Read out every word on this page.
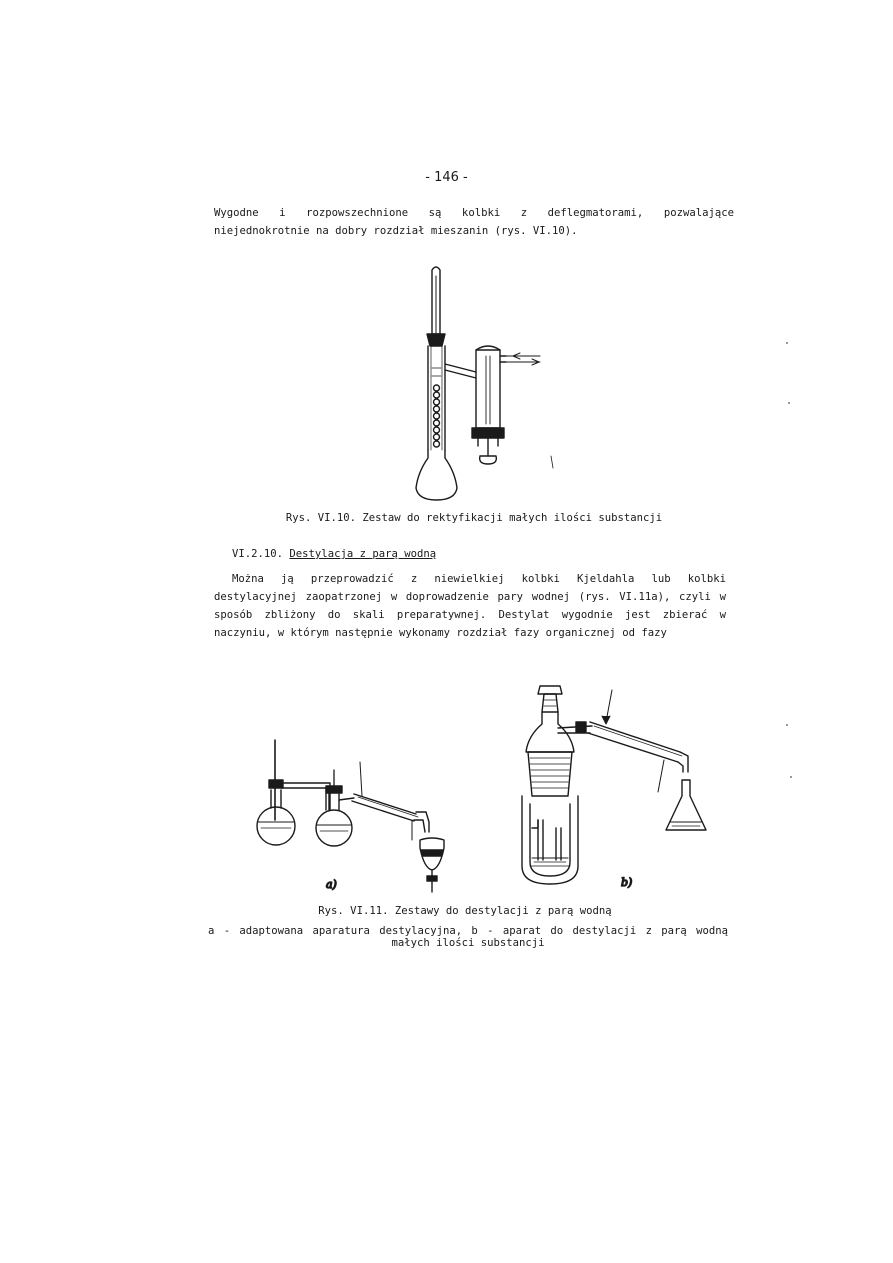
- 146 -

Wygodne i rozpowszechnione są kolbki z deflegmatorami, pozwalające niejednokrotnie na dobry rozdział mieszanin (rys. VI.10).

a)	b)
Rys. VI.10. Zestaw do rektyfikacji małych ilości substancji
VI.2.10. Destylacja z parą wodną

Można ją przeprowadzić z niewielkiej kolbki Kjeldahla lub kolbki destylacyjnej zaopatrzonej w doprowadzenie pary wodnej (rys. VI.11a), czyli w sposób zbliżony do skali preparatywnej. Destylat wygodnie jest zbierać w naczyniu, w którym następnie wykonamy rozdział fazy organicznej od fazy

Rys. VI.11. Zestawy do destylacji z parą wodną
a - adaptowana aparatura destylacyjna, b - aparat do destylacji z parą wodną małych ilości substancji
